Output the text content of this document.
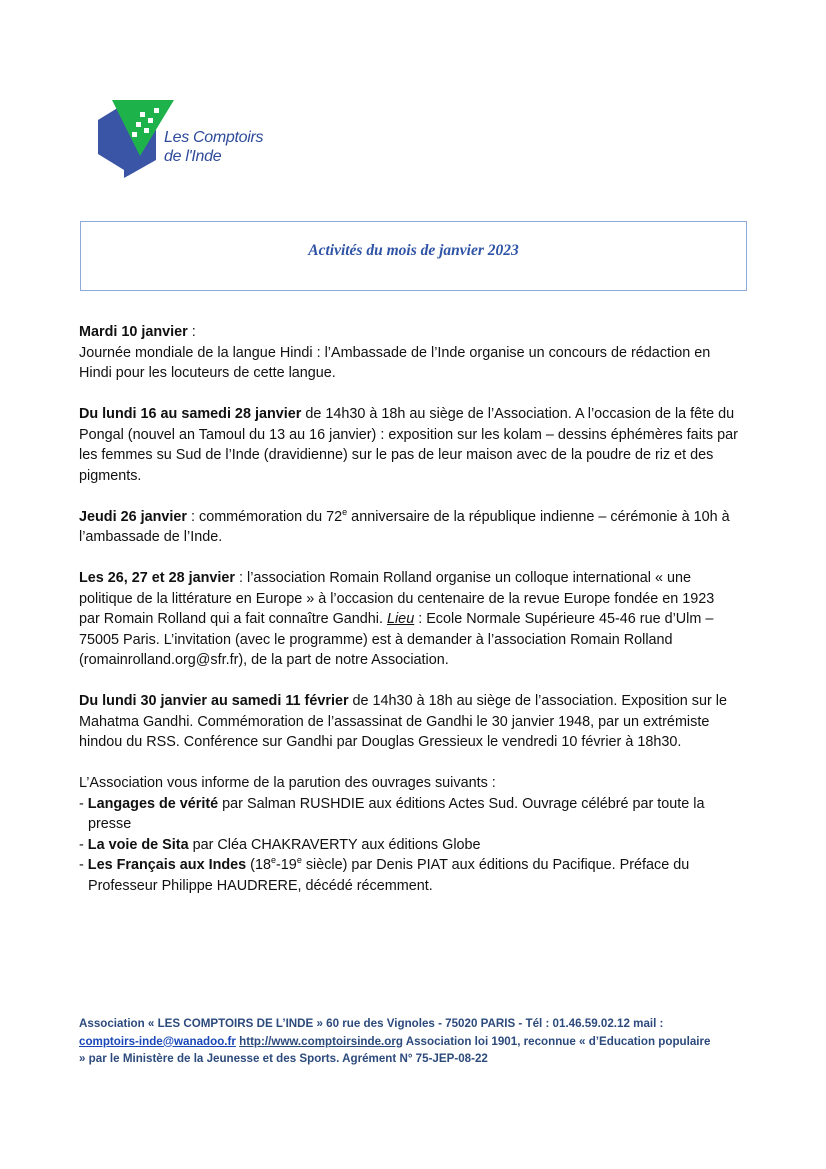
Les Comptoirs
de l'Inde
Activités du mois de janvier 2023

Mardi 10 janvier :
Journée mondiale de la langue Hindi : l’Ambassade de l’Inde organise un concours de rédaction en Hindi pour les locuteurs de cette langue.

Du lundi 16 au samedi 28 janvier de 14h30 à 18h au siège de l’Association. A l’occasion de la fête du Pongal (nouvel an Tamoul du 13 au 16 janvier) : exposition sur les kolam – dessins éphémères faits par les femmes su Sud de l’Inde (dravidienne) sur le pas de leur maison avec de la poudre de riz et des pigments.

Jeudi 26 janvier : commémoration du 72e anniversaire de la république indienne – cérémonie à 10h à l’ambassade de l’Inde.

Les 26, 27 et 28 janvier : l’association Romain Rolland organise un colloque international « une politique de la littérature en Europe » à l’occasion du centenaire de la revue Europe fondée en 1923 par Romain Rolland qui a fait connaître Gandhi. Lieu : Ecole Normale Supérieure 45-46 rue d’Ulm – 75005 Paris. L’invitation (avec le programme) est à demander à l’association Romain Rolland (romainrolland.org@sfr.fr), de la part de notre Association.

Du lundi 30 janvier au samedi 11 février de 14h30 à 18h au siège de l’association. Exposition sur le Mahatma Gandhi. Commémoration de l’assassinat de Gandhi le 30 janvier 1948, par un extrémiste hindou du RSS. Conférence sur Gandhi par Douglas Gressieux le vendredi 10 février à 18h30.

L’Association vous informe de la parution des ouvrages suivants :
- Langages de vérité par Salman RUSHDIE aux éditions Actes Sud. Ouvrage célébré par toute la presse
- La voie de Sita par Cléa CHAKRAVERTY aux éditions Globe
- Les Français aux Indes (18e-19e siècle) par Denis PIAT aux éditions du Pacifique. Préface du Professeur Philippe HAUDRERE, décédé récemment.
Association « LES COMPTOIRS DE L’INDE » 60 rue des Vignoles - 75020 PARIS - Tél : 01.46.59.02.12 mail :
comptoirs-inde@wanadoo.fr http://www.comptoirsinde.org Association loi 1901, reconnue « d’Education populaire » par le Ministère de la Jeunesse et des Sports. Agrément N° 75-JEP-08-22
